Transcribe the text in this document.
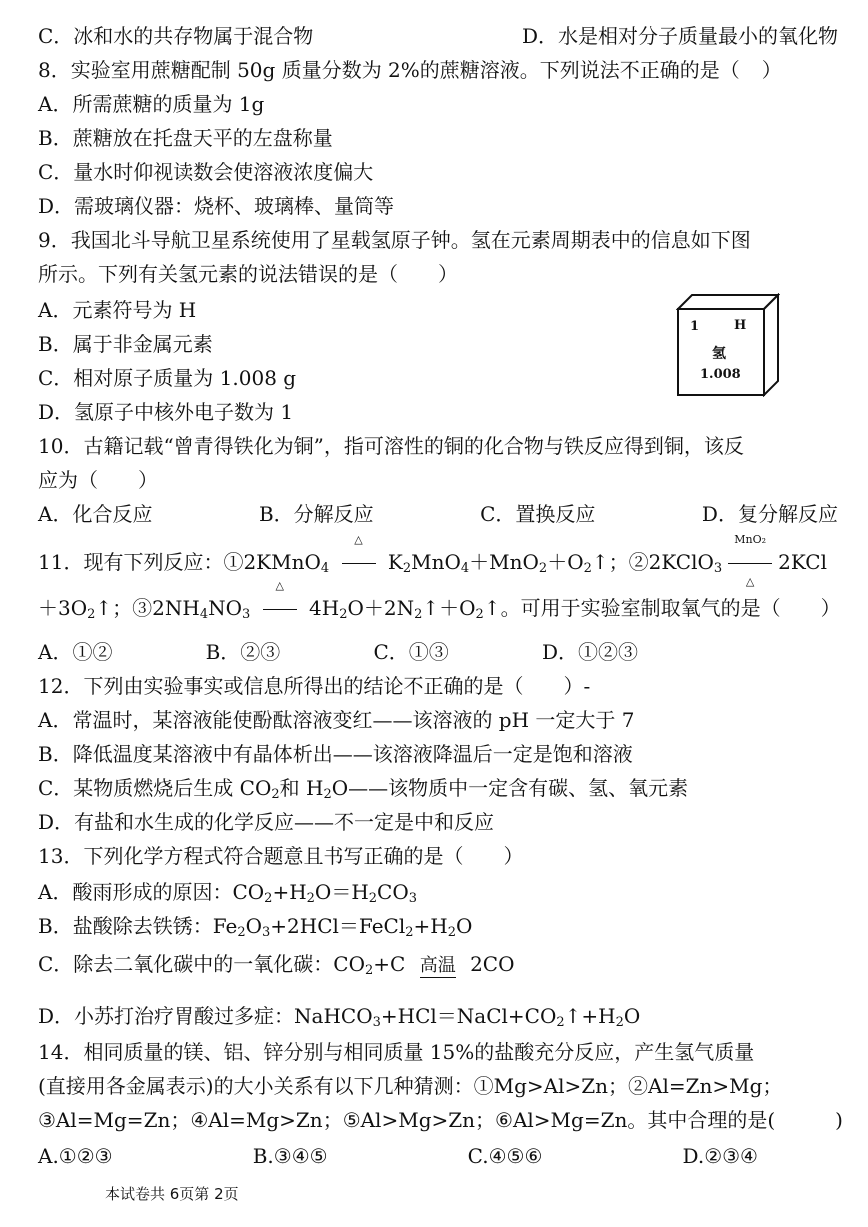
C．冰和水的共存物属于混合物	D．水是相对分子质量最小的氧化物
8．实验室用蔗糖配制 50g 质量分数为 2%的蔗糖溶液。下列说法不正确的是（ ）
A．所需蔗糖的质量为 1g
B．蔗糖放在托盘天平的左盘称量
C．量水时仰视读数会使溶液浓度偏大
D．需玻璃仪器：烧杯、玻璃棒、量筒等
9．我国北斗导航卫星系统使用了星载氢原子钟。氢在元素周期表中的信息如下图
所示。下列有关氢元素的说法错误的是（　　）
A．元素符号为 H
B．属于非金属元素
C．相对原子质量为 1.008 g
D．氢原子中核外电子数为 1
1	H
氢
1.008
10．古籍记载“曾青得铁化为铜”，指可溶性的铜的化合物与铁反应得到铜，该反
应为（　　）
A．化合反应	B．分解反应	C．置换反应	D．复分解反应
11．现有下列反应：①2KMnO$_4$
△
$K_2MnO_4+MnO_2+O_2↑$；②2KClO$_3$
MnO₂
△
2KCl
$+3O_2↑$；$③2NH_4NO_3$
△
$4H_2O+2N_2↑+O_2↑$。可用于实验室制取氧气的是（　　）
A．①②	B．②③	C．①③	D．①②③
12．下列由实验事实或信息所得出的结论不正确的是（　　）-
A．常温时，某溶液能使酚酞溶液变红——该溶液的 pH 一定大于 7
B．降低温度某溶液中有晶体析出——该溶液降温后一定是饱和溶液
C．某物质燃烧后生成 $CO_2$和 $H_2O——$该物质中一定含有碳、氢、氧元素
D．有盐和水生成的化学反应——不一定是中和反应
13．下列化学方程式符合题意且书写正确的是（　　）
A．酸雨形成的原因：$CO_2+H_2O=H_2CO_3$
B．盐酸除去铁锈：$Fe_2O_3+2HCl=FeCl_2+H_2O$
C．除去二氧化碳中的一氧化碳：$CO_2+C$ 高温 2CO
D．小苏打治疗胃酸过多症：$NaHCO_3+HCl=NaCl+CO_2↑+H_2O$
14．相同质量的镁、铝、锌分别与相同质量 15%的盐酸充分反应，产生氢气质量
(直接用各金属表示)的大小关系有以下几种猜测：①Mg>Al>Zn；②Al=Zn>Mg；
③Al=Mg=Zn；④Al=Mg>Zn；⑤Al>Mg>Zn；⑥Al>Mg=Zn。其中合理的是(　　　)
A.①②③	B.③④⑤	C.④⑤⑥	D.②③④
本试卷共 6页第 2页
